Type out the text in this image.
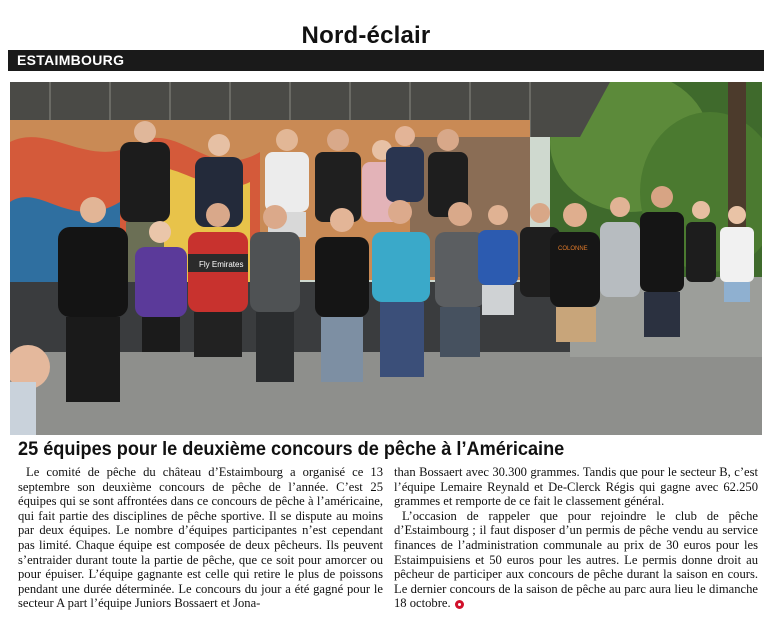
Nord-éclair
ESTAIMBOURG
Fly Emirates
COLONNE
25 équipes pour le deuxième concours de pêche à l’Américaine

Le comité de pêche du château d’Estaimbourg a organisé ce 13 septembre son deuxième concours de pêche de l’année. C’est 25 équipes qui se sont affrontées dans ce concours de pêche à l’américaine, qui fait partie des disciplines de pêche sportive. Il se dispute au moins par deux équipes. Le nombre d’équipes participantes n’est cependant pas limité. Chaque équipe est composée de deux pêcheurs. Ils peuvent s’entraider durant toute la partie de pêche, que ce soit pour amorcer ou pour épuiser. L’équipe gagnante est celle qui retire le plus de poissons pendant une durée déterminée. Le concours du jour a été gagné pour le secteur A part l’équipe Juniors Bossaert et Jona-

than Bossaert avec 30.300 grammes. Tandis que pour le secteur B, c’est l’équipe Lemaire Reynald et De-Clerck Régis qui gagne avec 62.250 grammes et remporte de ce fait le classement général.

L’occasion de rappeler que pour rejoindre le club de pêche d’Estaimbourg ; il faut disposer d’un permis de pêche vendu au service finances de l’administration communale au prix de 30 euros pour les Estaimpuisiens et 50 euros pour les autres. Le permis donne droit au pêcheur de participer aux concours de pêche durant la saison en cours. Le dernier concours de la saison de pêche au parc aura lieu le dimanche 18 octobre.
